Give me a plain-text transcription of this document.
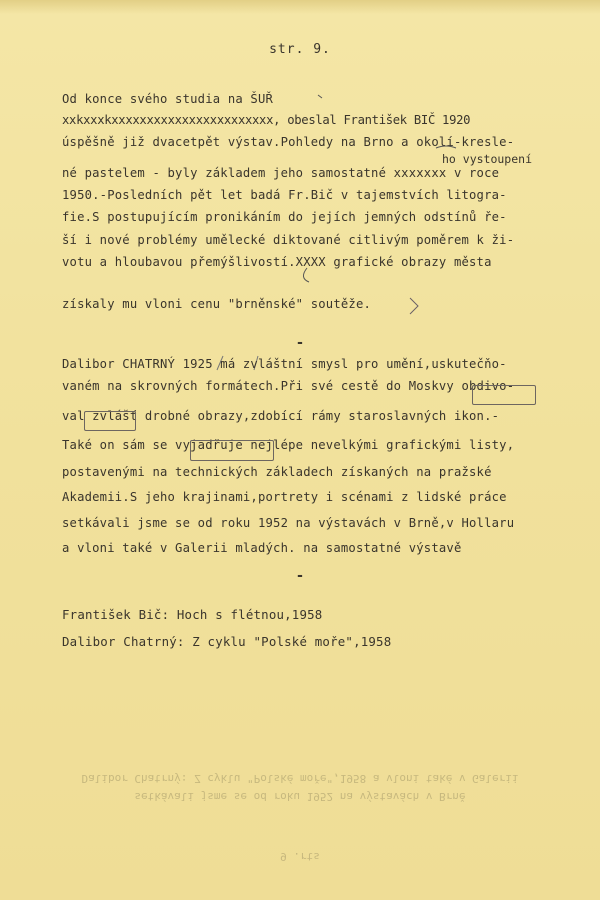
str. 9.
Od konce svého studia na ŠUŘ
xxkxxxkxxxxxxxxxxxxxxxxxxxxxxx, obeslal František BIČ 1920
úspěšně již dvacetpět výstav.Pohledy na Brno a okolí-kresle-
ho vystoupení
né pastelem - byly základem jeho samostatné xxxxxxx v roce
1950.-Posledních pět let badá Fr.Bič v tajemstvích litogra-
fie.S postupujícím pronikáním do jejích jemných odstínů ře-
ší i nové problémy umělecké diktované citlivým poměrem k ži-
votu a hloubavou přemýšlivostí.XXXX grafické obrazy města
získaly mu vloni cenu "brněnské" soutěže.
-
Dalibor CHATRNÝ 1925 má zvláštní smysl pro umění,uskutečňo-
vaném na skrovných formátech.Při své cestě do Moskvy obdivo-
val zvlášť drobné obrazy,zdobící rámy staroslavných ikon.-
Také on sám se vyjadřuje nejlépe nevelkými grafickými listy,
postavenými na technických základech získaných na pražské
Akademii.S jeho krajinami,portrety i scénami z lidské práce
setkávali jsme se od roku 1952 na výstavách v Brně,v Hollaru
a vloni také v Galerii mladých. na samostatné výstavě
-
František Bič: Hoch s flétnou,1958
Dalibor Chatrný: Z cyklu "Polské moře",1958
Dalibor Chatrný: Z cyklu "Polské moře",1958 a vloni také v Galerii
setkávali jsme se od roku 1952 na výstavách v Brně
9 .rts
